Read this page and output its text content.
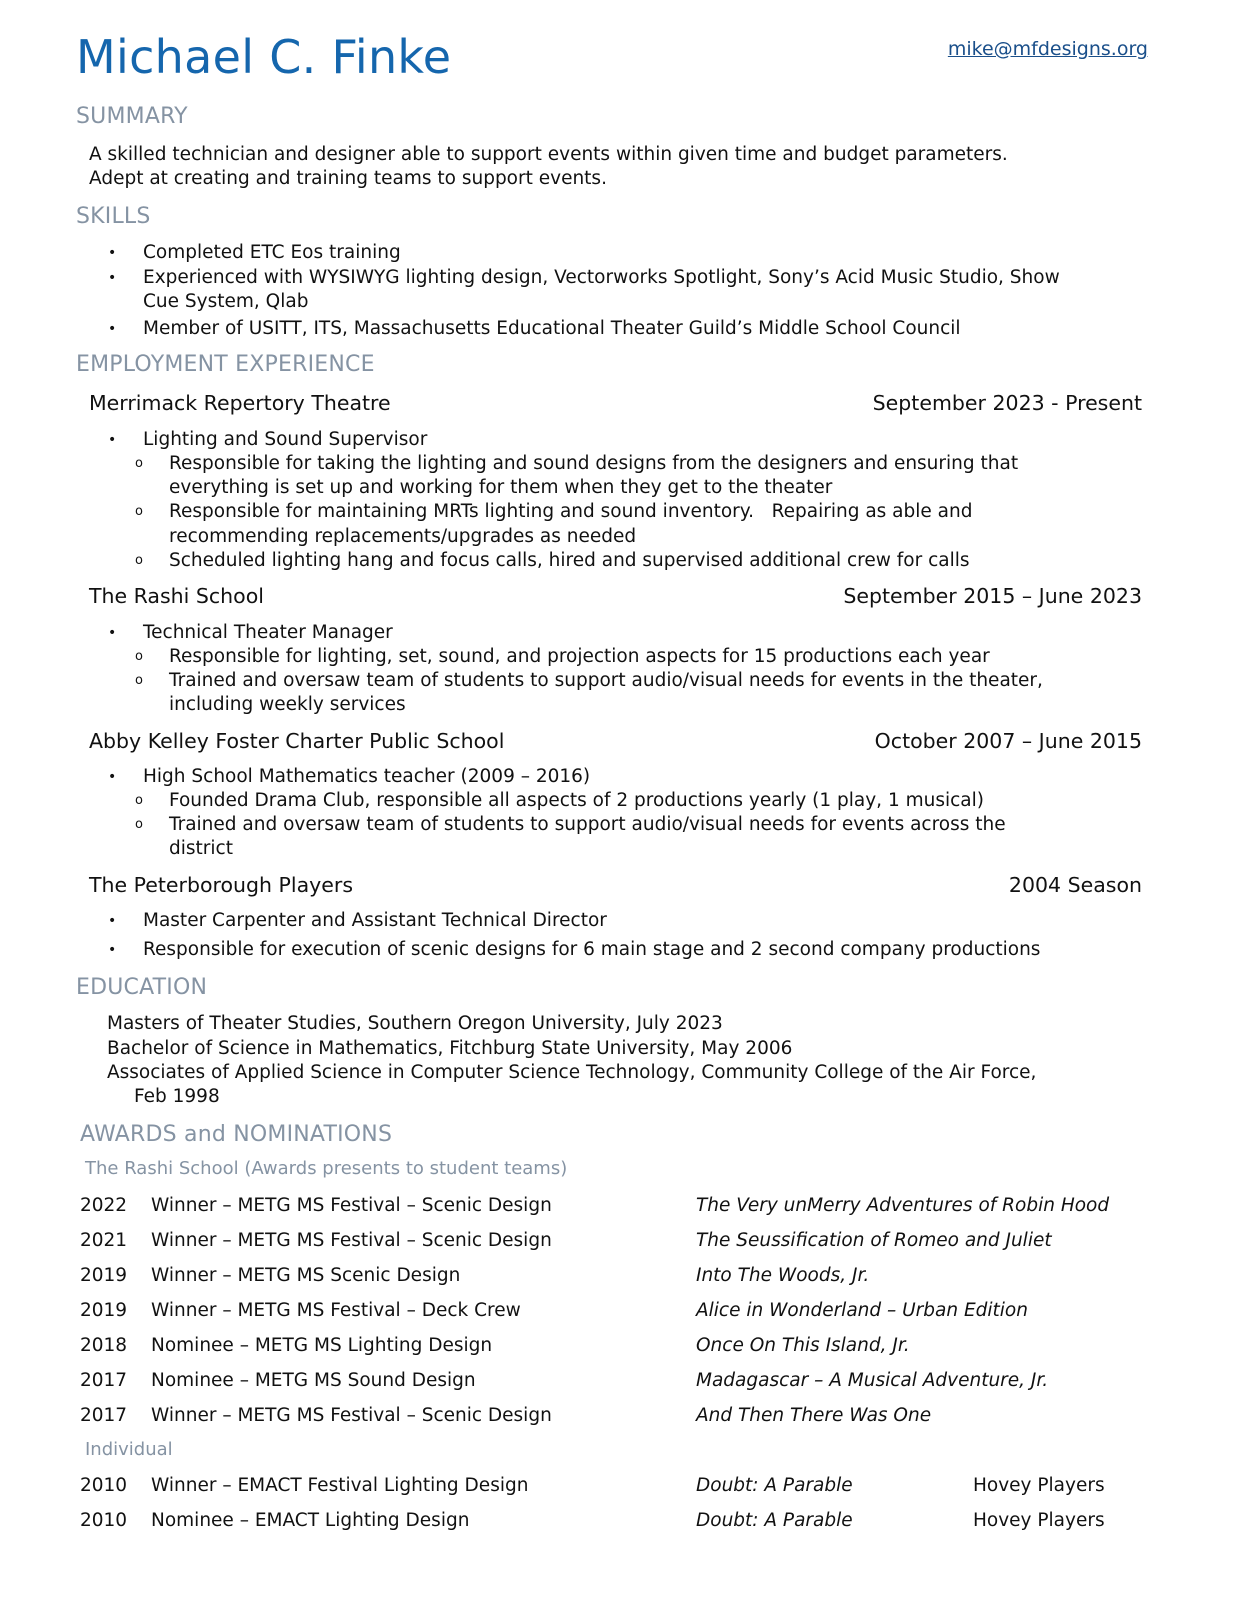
Michael C. Finke	mike@mfdesigns.org
SUMMARY
A skilled technician and designer able to support events within given time and budget parameters.
Adept at creating and training teams to support events.
SKILLS
• Completed ETC Eos training
• Experienced with WYSIWYG lighting design, Vectorworks Spotlight, Sony’s Acid Music Studio, Show
Cue System, Qlab
• Member of USITT, ITS, Massachusetts Educational Theater Guild’s Middle School Council
EMPLOYMENT EXPERIENCE
Merrimack Repertory Theatre	September 2023 - Present
• Lighting and Sound Supervisor
o Responsible for taking the lighting and sound designs from the designers and ensuring that
everything is set up and working for them when they get to the theater
o Responsible for maintaining MRTs lighting and sound inventory.   Repairing as able and
recommending replacements/upgrades as needed
o Scheduled lighting hang and focus calls, hired and supervised additional crew for calls
The Rashi School	September 2015 – June 2023
• Technical Theater Manager
o Responsible for lighting, set, sound, and projection aspects for 15 productions each year
o Trained and oversaw team of students to support audio/visual needs for events in the theater,
including weekly services
Abby Kelley Foster Charter Public School	October 2007 – June 2015
• High School Mathematics teacher (2009 – 2016)
o Founded Drama Club, responsible all aspects of 2 productions yearly (1 play, 1 musical)
o Trained and oversaw team of students to support audio/visual needs for events across the
district
The Peterborough Players	2004 Season
• Master Carpenter and Assistant Technical Director
• Responsible for execution of scenic designs for 6 main stage and 2 second company productions
EDUCATION
Masters of Theater Studies, Southern Oregon University, July 2023
Bachelor of Science in Mathematics, Fitchburg State University, May 2006
Associates of Applied Science in Computer Science Technology, Community College of the Air Force,
Feb 1998
AWARDS and NOMINATIONS
The Rashi School (Awards presents to student teams)
2022 Winner – METG MS Festival – Scenic Design	The Very unMerry Adventures of Robin Hood
2021 Winner – METG MS Festival – Scenic Design	The Seussification of Romeo and Juliet
2019 Winner – METG MS Scenic Design	Into The Woods, Jr.
2019 Winner – METG MS Festival – Deck Crew	Alice in Wonderland – Urban Edition
2018 Nominee – METG MS Lighting Design	Once On This Island, Jr.
2017 Nominee – METG MS Sound Design	Madagascar – A Musical Adventure, Jr.
2017 Winner – METG MS Festival – Scenic Design	And Then There Was One
Individual
2010 Winner – EMACT Festival Lighting Design	Doubt: A Parable	Hovey Players
2010 Nominee – EMACT Lighting Design	Doubt: A Parable	Hovey Players
